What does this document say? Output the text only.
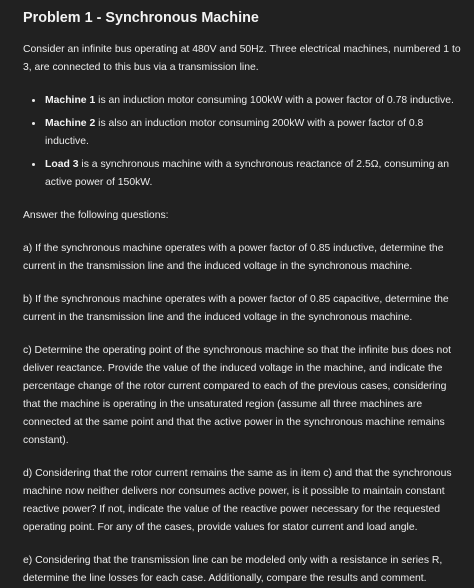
Problem 1 - Synchronous Machine

Consider an infinite bus operating at 480V and 50Hz. Three electrical machines, numbered 1 to 3, are connected to this bus via a transmission line.

• Machine 1 is an induction motor consuming 100kW with a power factor of 0.78 inductive.
• Machine 2 is also an induction motor consuming 200kW with a power factor of 0.8 inductive.
• Load 3 is a synchronous machine with a synchronous reactance of 2.5Ω, consuming an active power of 150kW.

Answer the following questions:

a) If the synchronous machine operates with a power factor of 0.85 inductive, determine the current in the transmission line and the induced voltage in the synchronous machine.

b) If the synchronous machine operates with a power factor of 0.85 capacitive, determine the current in the transmission line and the induced voltage in the synchronous machine.

c) Determine the operating point of the synchronous machine so that the infinite bus does not deliver reactance. Provide the value of the induced voltage in the machine, and indicate the percentage change of the rotor current compared to each of the previous cases, considering that the machine is operating in the unsaturated region (assume all three machines are connected at the same point and that the active power in the synchronous machine remains constant).

d) Considering that the rotor current remains the same as in item c) and that the synchronous machine now neither delivers nor consumes active power, is it possible to maintain constant reactive power? If not, indicate the value of the reactive power necessary for the requested operating point. For any of the cases, provide values for stator current and load angle.

e) Considering that the transmission line can be modeled only with a resistance in series R, determine the line losses for each case. Additionally, compare the results and comment.
